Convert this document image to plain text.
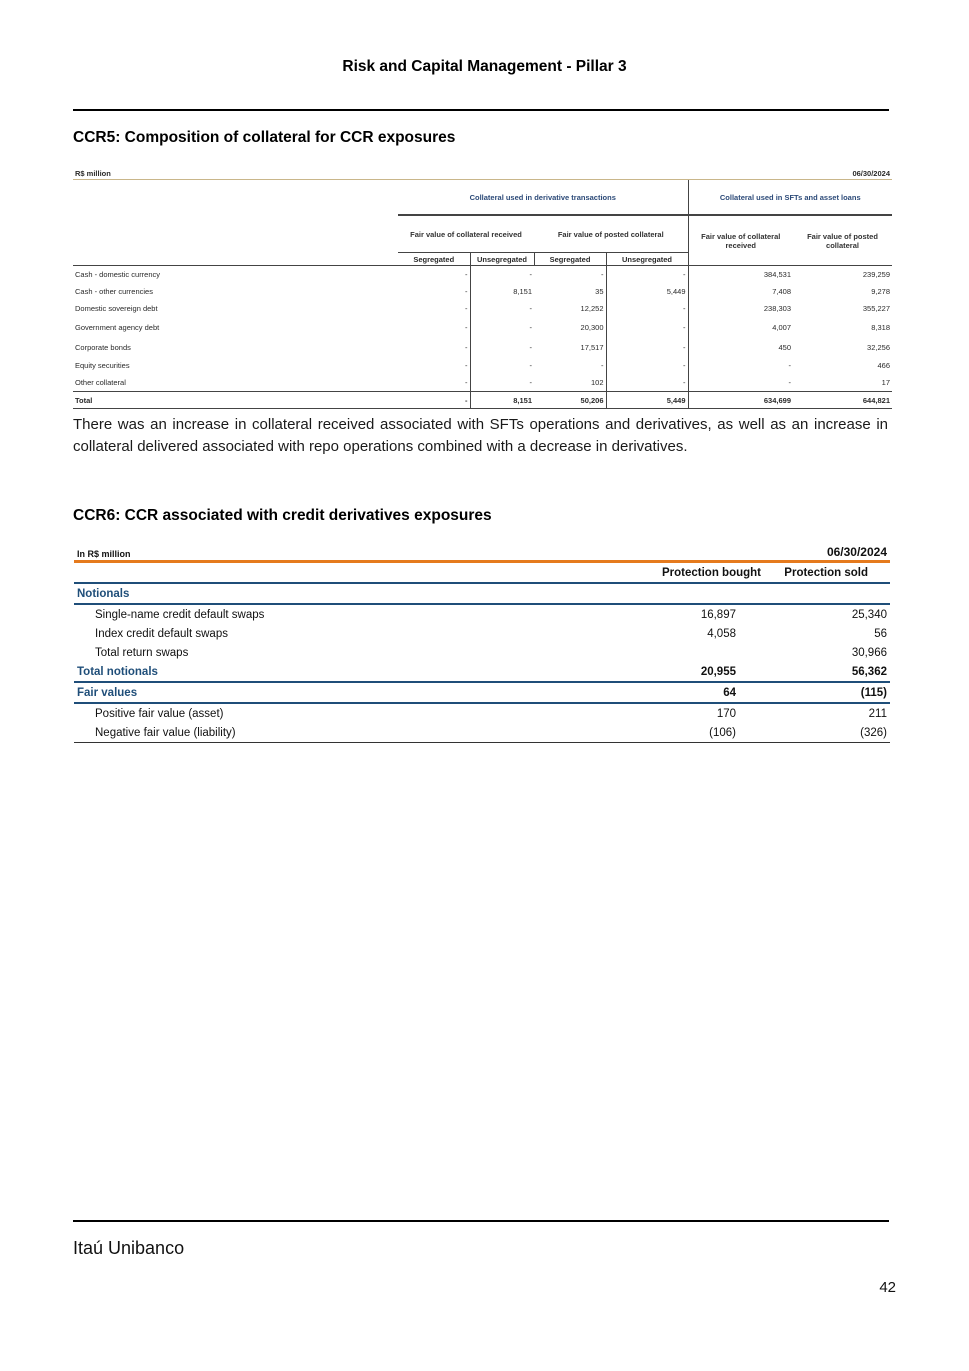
Risk and Capital Management - Pillar 3
CCR5: Composition of collateral for CCR exposures
R$ million						06/30/2024
	Collateral used in derivative transactions				Collateral used in SFTs and asset loans	
	Fair value of collateral received		Fair value of posted collateral		Fair value of collateral received	Fair value of posted collateral
	Segregated	Unsegregated	Segregated	Unsegregated		
Cash - domestic currency	-	-	-	-	384,531	239,259
Cash - other currencies	-	8,151	35	5,449	7,408	9,278
Domestic sovereign debt	-	-	12,252	-	238,303	355,227
Government agency debt	-	-	20,300	-	4,007	8,318
Corporate bonds	-	-	17,517	-	450	32,256
Equity securities	-	-	-	-	-	466
Other collateral	-	-	102	-	-	17
Total	-	8,151	50,206	5,449	634,699	644,821
There was an increase in collateral received associated with SFTs operations and derivatives, as well as an increase in collateral delivered associated with repo operations combined with a decrease in derivatives.
CCR6: CCR associated with credit derivatives exposures
In R$ million		06/30/2024
	Protection bought	Protection sold
Notionals		
Single-name credit default swaps	16,897	25,340
Index credit default swaps	4,058	56
Total return swaps		30,966
Total notionals	20,955	56,362
Fair values	64	(115)
Positive fair value (asset)	170	211
Negative fair value (liability)	(106)	(326)
Itaú Unibanco
42
